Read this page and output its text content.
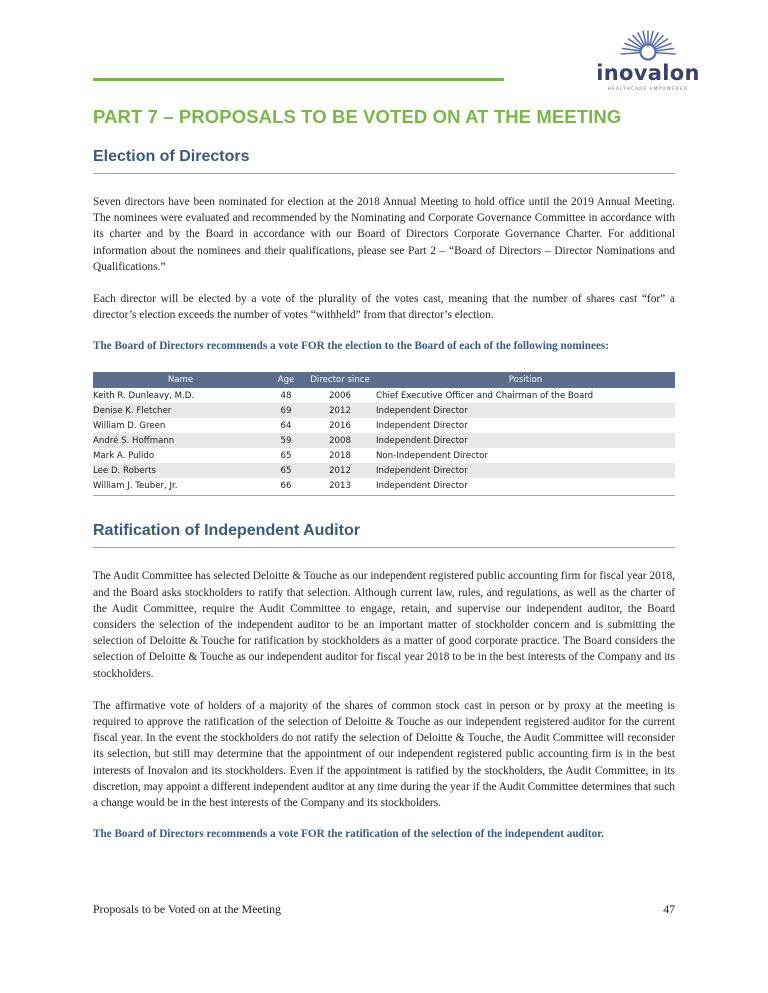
inovalon
HEALTHCARE EMPOWERED
PART 7 – PROPOSALS TO BE VOTED ON AT THE MEETING
Election of Directors

Seven directors have been nominated for election at the 2018 Annual Meeting to hold office until the 2019 Annual Meeting. The nominees were evaluated and recommended by the Nominating and Corporate Governance Committee in accordance with its charter and by the Board in accordance with our Board of Directors Corporate Governance Charter. For additional information about the nominees and their qualifications, please see Part 2 – “Board of Directors – Director Nominations and Qualifications.”

Each director will be elected by a vote of the plurality of the votes cast, meaning that the number of shares cast “for” a director’s election exceeds the number of votes “withheld” from that director’s election.

The Board of Directors recommends a vote FOR the election to the Board of each of the following nominees:

Name	Age	Director since	Position
Keith R. Dunleavy, M.D.	48	2006	Chief Executive Officer and Chairman of the Board
Denise K. Fletcher	69	2012	Independent Director
William D. Green	64	2016	Independent Director
André S. Hoffmann	59	2008	Independent Director
Mark A. Pulido	65	2018	Non-Independent Director
Lee D. Roberts	65	2012	Independent Director
William J. Teuber, Jr.	66	2013	Independent Director
Ratification of Independent Auditor

The Audit Committee has selected Deloitte & Touche as our independent registered public accounting firm for fiscal year 2018, and the Board asks stockholders to ratify that selection. Although current law, rules, and regulations, as well as the charter of the Audit Committee, require the Audit Committee to engage, retain, and supervise our independent auditor, the Board considers the selection of the independent auditor to be an important matter of stockholder concern and is submitting the selection of Deloitte & Touche for ratification by stockholders as a matter of good corporate practice. The Board considers the selection of Deloitte & Touche as our independent auditor for fiscal year 2018 to be in the best interests of the Company and its stockholders.

The affirmative vote of holders of a majority of the shares of common stock cast in person or by proxy at the meeting is required to approve the ratification of the selection of Deloitte & Touche as our independent registered auditor for the current fiscal year. In the event the stockholders do not ratify the selection of Deloitte & Touche, the Audit Committee will reconsider its selection, but still may determine that the appointment of our independent registered public accounting firm is in the best interests of Inovalon and its stockholders. Even if the appointment is ratified by the stockholders, the Audit Committee, in its discretion, may appoint a different independent auditor at any time during the year if the Audit Committee determines that such a change would be in the best interests of the Company and its stockholders.

The Board of Directors recommends a vote FOR the ratification of the selection of the independent auditor.

Proposals to be Voted on at the Meeting	47
